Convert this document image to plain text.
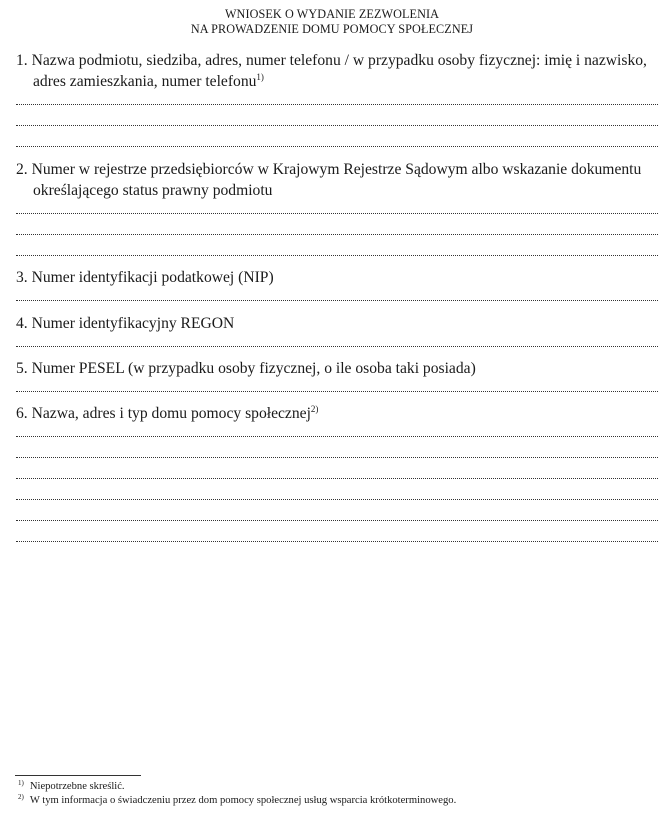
WNIOSEK O WYDANIE ZEZWOLENIA
NA PROWADZENIE DOMU POMOCY SPOŁECZNEJ
1. Nazwa podmiotu, siedziba, adres, numer telefonu / w przypadku osoby fizycznej: imię i nazwisko,
adres zamieszkania, numer telefonu$^{1)}$
2. Numer w rejestrze przedsiębiorców w Krajowym Rejestrze Sądowym albo wskazanie dokumentu
określającego status prawny podmiotu
3. Numer identyfikacji podatkowej (NIP)
4. Numer identyfikacyjny REGON
5. Numer PESEL (w przypadku osoby fizycznej, o ile osoba taki posiada)
6. Nazwa, adres i typ domu pomocy społecznej$^{2)}$
$^{1)}$ Niepotrzebne skreślić.
$^{2)}$ W tym informacja o świadczeniu przez dom pomocy społecznej usług wsparcia krótkoterminowego.
